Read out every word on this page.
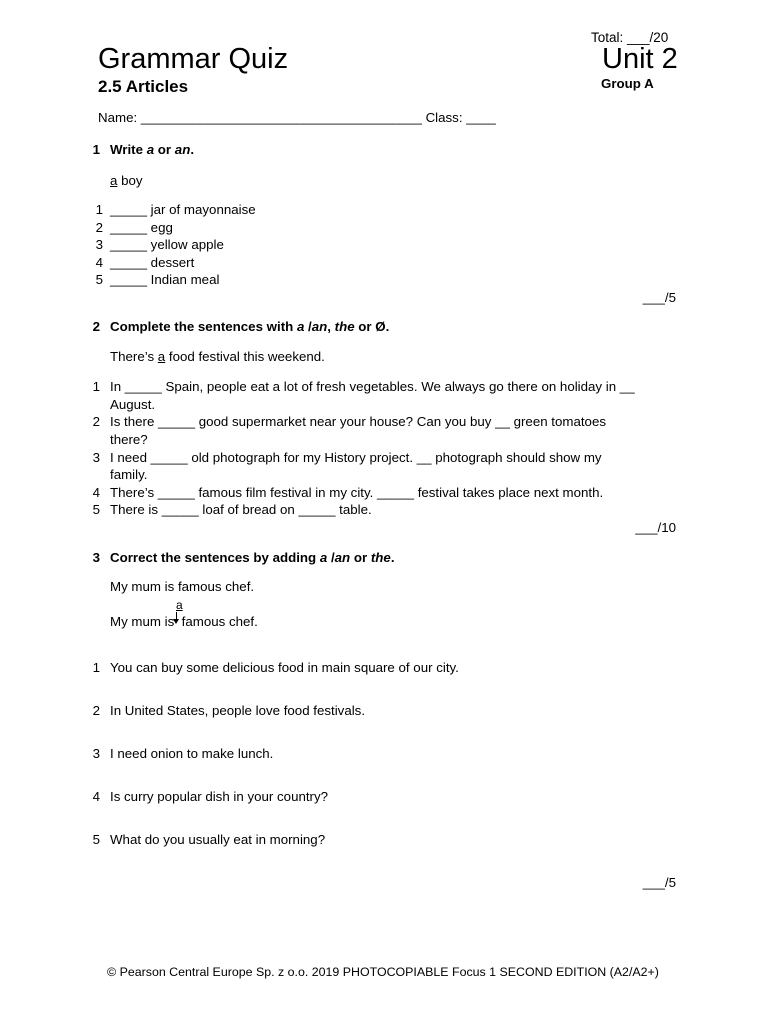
Total: ___/20
Grammar Quiz	Unit 2
2.5 Articles	Group A
Name: ______________________________________ Class: ____
1 Write a or an.
a boy
1 _____ jar of mayonnaise
2 _____ egg
3 _____ yellow apple
4 _____ dessert
5 _____ Indian meal
___/5
2 Complete the sentences with a /an, the or Ø.
There’s a food festival this weekend.
1 In _____ Spain, people eat a lot of fresh vegetables. We always go there on holiday in __
August.
2 Is there _____ good supermarket near your house? Can you buy __ green tomatoes
there?
3 I need _____ old photograph for my History project. __ photograph should show my
family.
4 There’s _____ famous film festival in my city. _____ festival takes place next month.
5 There is _____ loaf of bread on _____ table.
___/10
3 Correct the sentences by adding a /an or the.
My mum is famous chef.
a
My mum is  famous chef.
1 You can buy some delicious food in main square of our city.
2 In United States, people love food festivals.
3 I need onion to make lunch.
4 Is curry popular dish in your country?
5 What do you usually eat in morning?
___/5
© Pearson Central Europe Sp. z o.o. 2019 PHOTOCOPIABLE Focus 1 SECOND EDITION (A2/A2+)
